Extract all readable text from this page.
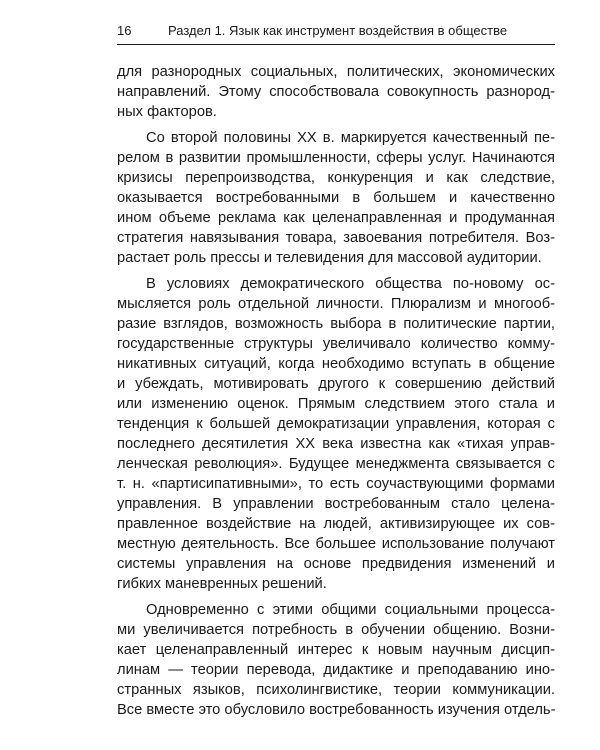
16	Раздел 1. Язык как инструмент воздействия в обществе
для разнородных социальных, политических, экономических
направлений. Этому способствовала совокупность разнород-
ных факторов.
Со второй половины XX в. маркируется качественный пе-
релом в развитии промышленности, сферы услуг. Начинаются
кризисы перепроизводства, конкуренция и как следствие,
оказывается востребованными в большем и качественно
ином объеме реклама как целенаправленная и продуманная
стратегия навязывания товара, завоевания потребителя. Воз-
растает роль прессы и телевидения для массовой аудитории.
В условиях демократического общества по-новому ос-
мысляется роль отдельной личности. Плюрализм и многооб-
разие взглядов, возможность выбора в политические партии,
государственные структуры увеличивало количество комму-
никативных ситуаций, когда необходимо вступать в общение
и убеждать, мотивировать другого к совершению действий
или изменению оценок. Прямым следствием этого стала и
тенденция к большей демократизации управления, которая с
последнего десятилетия XX века известна как «тихая управ-
ленческая революция». Будущее менеджмента связывается с
т. н. «партисипативными», то есть соучаствующими формами
управления. В управлении востребованным стало целена-
правленное воздействие на людей, активизирующее их сов-
местную деятельность. Все большее использование получают
системы управления на основе предвидения изменений и
гибких маневренных решений.
Одновременно с этими общими социальными процесса-
ми увеличивается потребность в обучении общению. Возни-
кает целенаправленный интерес к новым научным дисцип-
линам — теории перевода, дидактике и преподаванию ино-
странных языков, психолингвистике, теории коммуникации.
Все вместе это обусловило востребованность изучения отдель-
